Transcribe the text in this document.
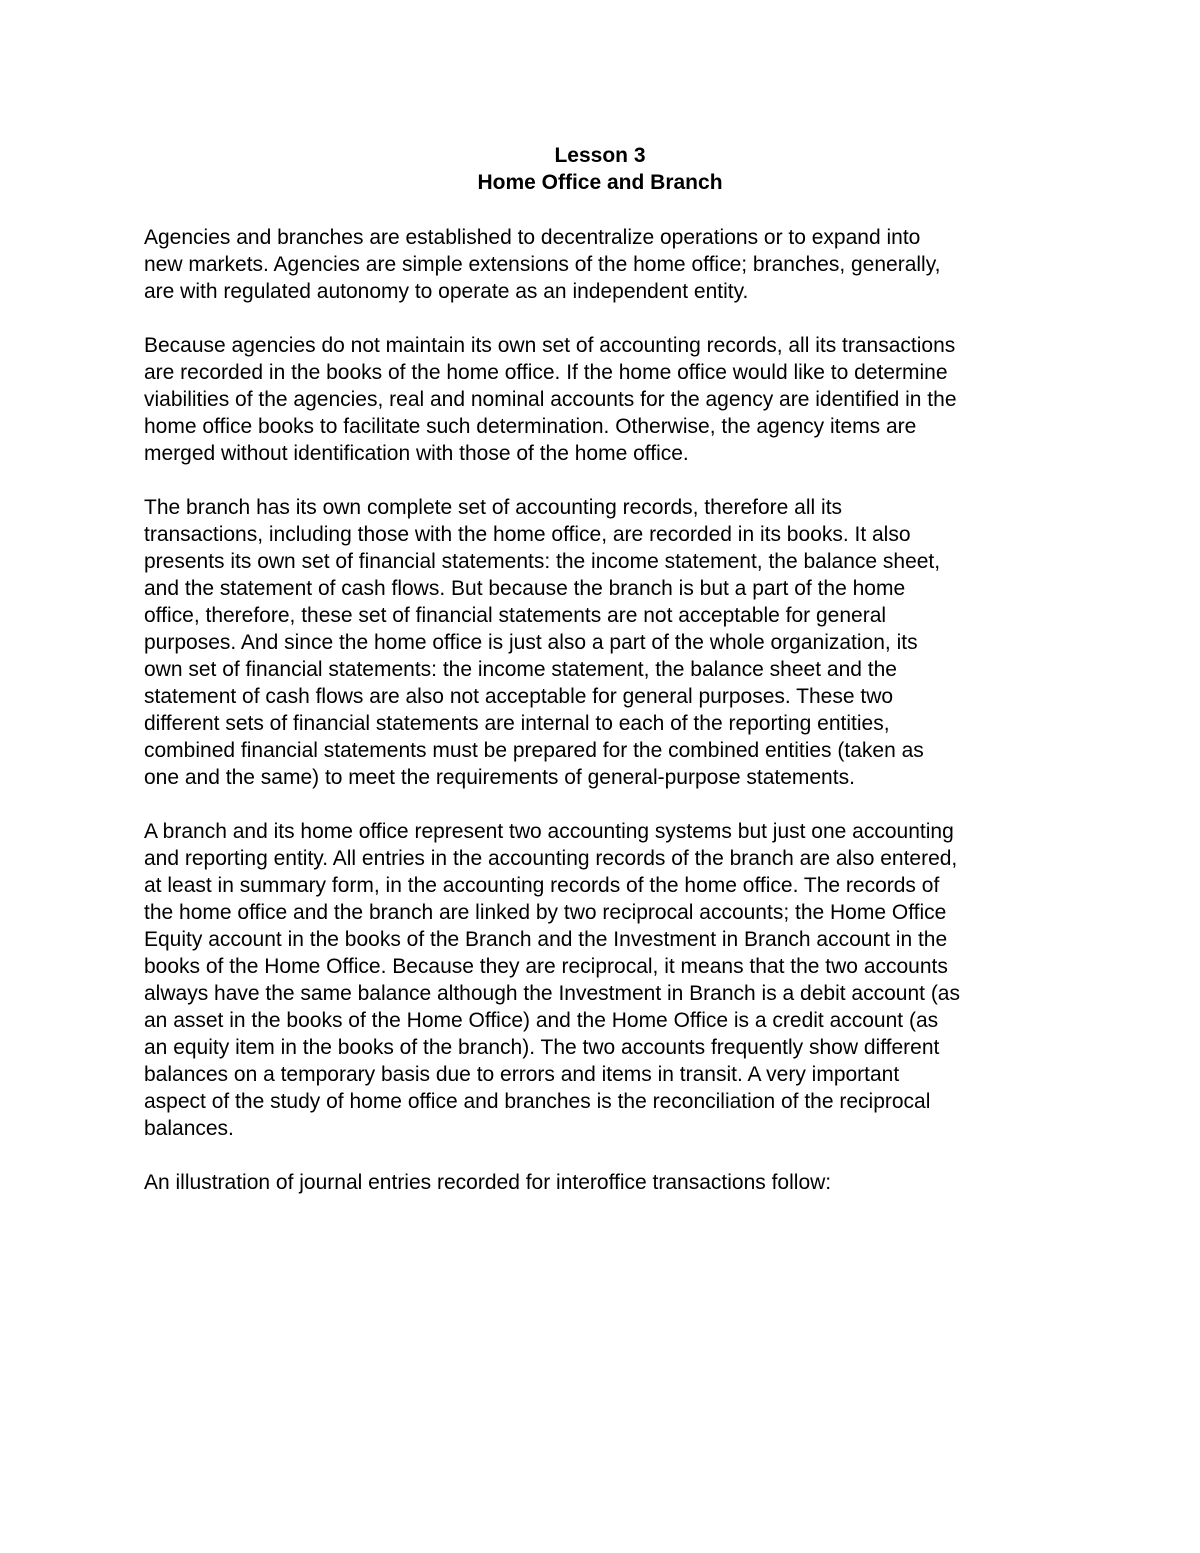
Lesson 3
Home Office and Branch

Agencies and branches are established to decentralize operations or to expand into
new markets. Agencies are simple extensions of the home office; branches, generally,
are with regulated autonomy to operate as an independent entity.

Because agencies do not maintain its own set of accounting records, all its transactions
are recorded in the books of the home office. If the home office would like to determine
viabilities of the agencies, real and nominal accounts for the agency are identified in the
home office books to facilitate such determination. Otherwise, the agency items are
merged without identification with those of the home office.

The branch has its own complete set of accounting records, therefore all its
transactions, including those with the home office, are recorded in its books. It also
presents its own set of financial statements: the income statement, the balance sheet,
and the statement of cash flows. But because the branch is but a part of the home
office, therefore, these set of financial statements are not acceptable for general
purposes. And since the home office is just also a part of the whole organization, its
own set of financial statements: the income statement, the balance sheet and the
statement of cash flows are also not acceptable for general purposes. These two
different sets of financial statements are internal to each of the reporting entities,
combined financial statements must be prepared for the combined entities (taken as
one and the same) to meet the requirements of general-purpose statements.

A branch and its home office represent two accounting systems but just one accounting
and reporting entity. All entries in the accounting records of the branch are also entered,
at least in summary form, in the accounting records of the home office. The records of
the home office and the branch are linked by two reciprocal accounts; the Home Office
Equity account in the books of the Branch and the Investment in Branch account in the
books of the Home Office. Because they are reciprocal, it means that the two accounts
always have the same balance although the Investment in Branch is a debit account (as
an asset in the books of the Home Office) and the Home Office is a credit account (as
an equity item in the books of the branch). The two accounts frequently show different
balances on a temporary basis due to errors and items in transit. A very important
aspect of the study of home office and branches is the reconciliation of the reciprocal
balances.

An illustration of journal entries recorded for interoffice transactions follow:
